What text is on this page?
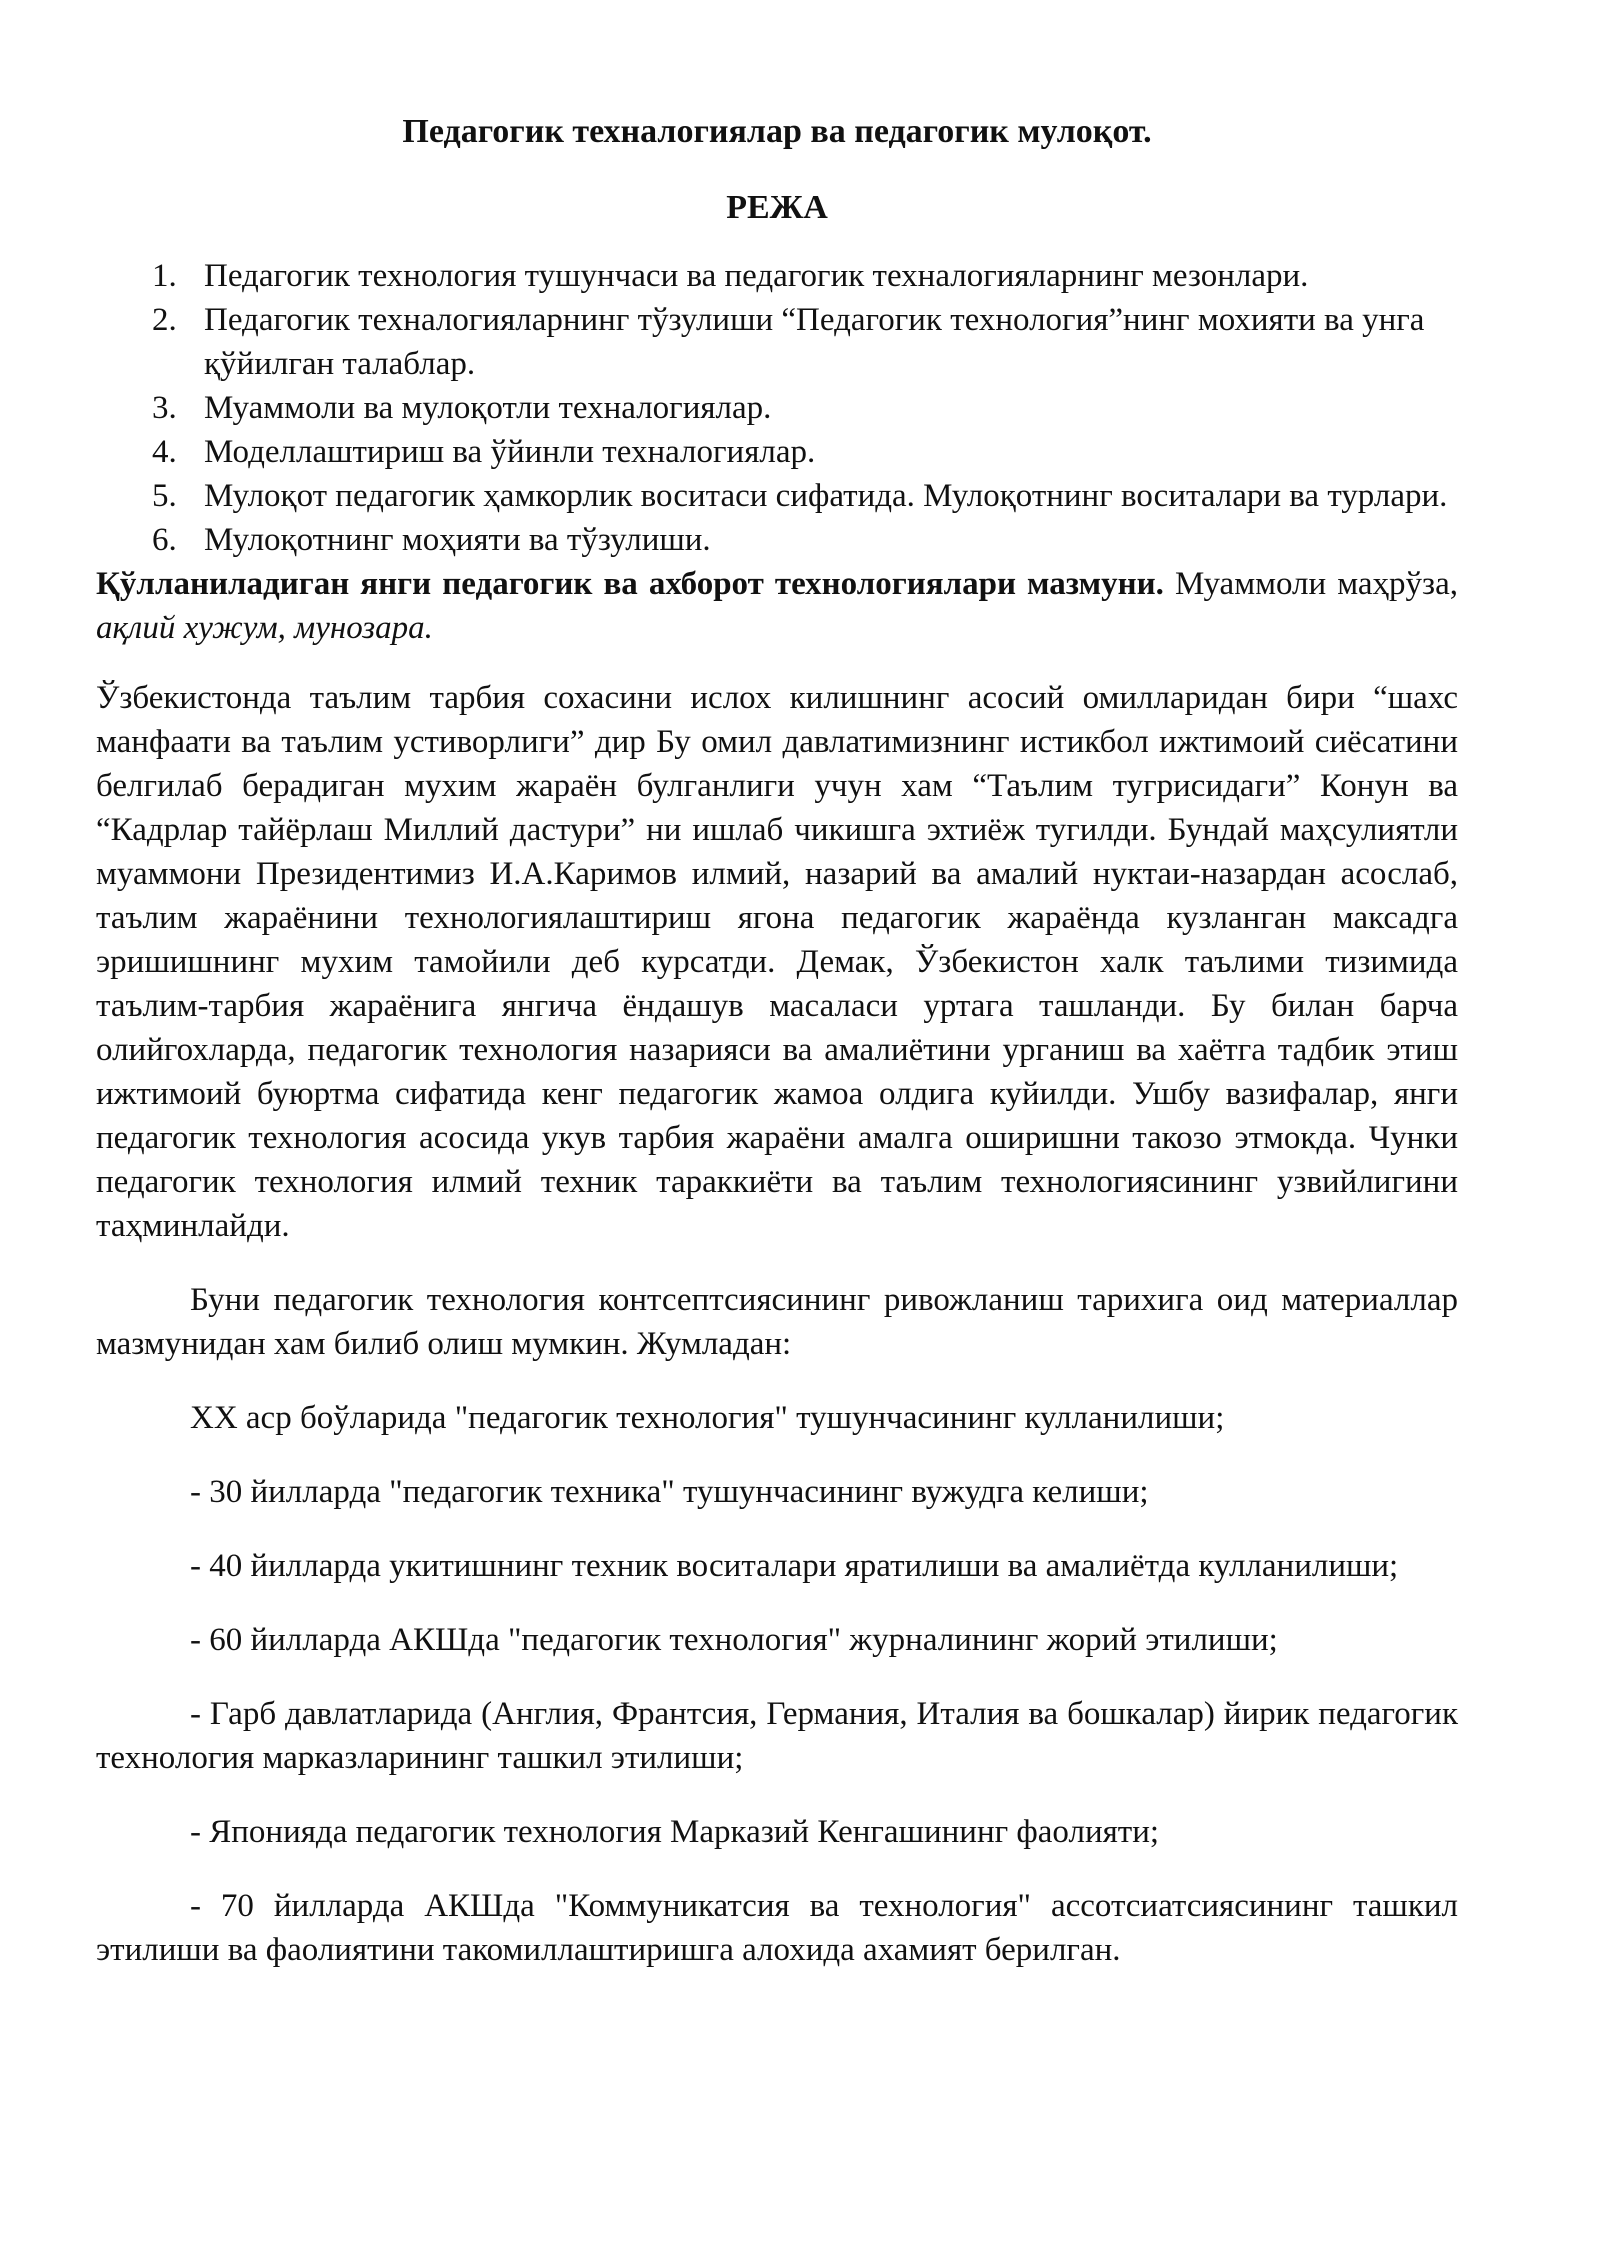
Педагогик техналогиялар ва педагогик мулоқот.

РЕЖА

1. Педагогик технология тушунчаси ва педагогик техналогияларнинг мезонлари.
2. Педагогик техналогияларнинг тўзулиши “Педагогик технология”нинг мохияти ва унга қўйилган талаблар.
3. Муаммоли ва мулоқотли техналогиялар.
4. Моделлаштириш ва ўйинли техналогиялар.
5. Мулоқот педагогик ҳамкорлик воситаси сифатида. Мулоқотнинг воситалари ва турлари.
6. Мулоқотнинг моҳияти ва тўзулиши.

Қўлланиладиган янги педагогик ва ахборот технологиялари мазмуни. Муаммоли маҳрўза, ақлий хужум, мунозара.

Ўзбекистонда таълим тарбия сохасини ислох килишнинг асосий омилларидан бири “шахс манфаати ва таълим устиворлиги” дир Бу омил давлатимизнинг истикбол ижтимоий сиёсатини белгилаб берадиган мухим жараён булганлиги учун хам “Таълим тугрисидаги” Конун ва “Кадрлар тайёрлаш Миллий дастури” ни ишлаб чикишга эхтиёж тугилди. Бундай маҳсулиятли муаммони Президентимиз И.А.Каримов илмий, назарий ва амалий нуктаи-назардан асослаб, таълим жараёнини технологиялаштириш ягона педагогик жараёнда кузланган максадга эришишнинг мухим тамойили деб курсатди. Демак, Ўзбекистон халк таълими тизимида таълим-тарбия жараёнига янгича ёндашув масаласи уртага ташланди. Бу билан барча олийгохларда, педагогик технология назарияси ва амалиётини урганиш ва хаётга тадбик этиш ижтимоий буюртма сифатида кенг педагогик жамоа олдига куйилди. Ушбу вазифалар, янги педагогик технология асосида укув тарбия жараёни амалга оширишни такозо этмокда. Чунки педагогик технология илмий техник тараккиёти ва таълим технологиясининг узвийлигини таҳминлайди.

Буни педагогик технология контсептсиясининг ривожланиш тарихига оид материаллар мазмунидан хам билиб олиш мумкин. Жумладан:

XX аср боўларида "педагогик технология" тушунчасининг кулланилиши;

- 30 йилларда "педагогик техника" тушунчасининг вужудга келиши;

- 40 йилларда укитишнинг техник воситалари яратилиши ва амалиётда кулланилиши;

- 60 йилларда АКШда "педагогик технология" журналининг жорий этилиши;

- Гарб давлатларида (Англия, Франтсия, Германия, Италия ва бошкалар) йирик педагогик технология марказларининг ташкил этилиши;

- Японияда педагогик технология Марказий Кенгашининг фаолияти;

- 70 йилларда АКШда "Коммуникатсия ва технология" ассотсиатсиясининг ташкил этилиши ва фаолиятини такомиллаштиришга алохида ахамият берилган.
